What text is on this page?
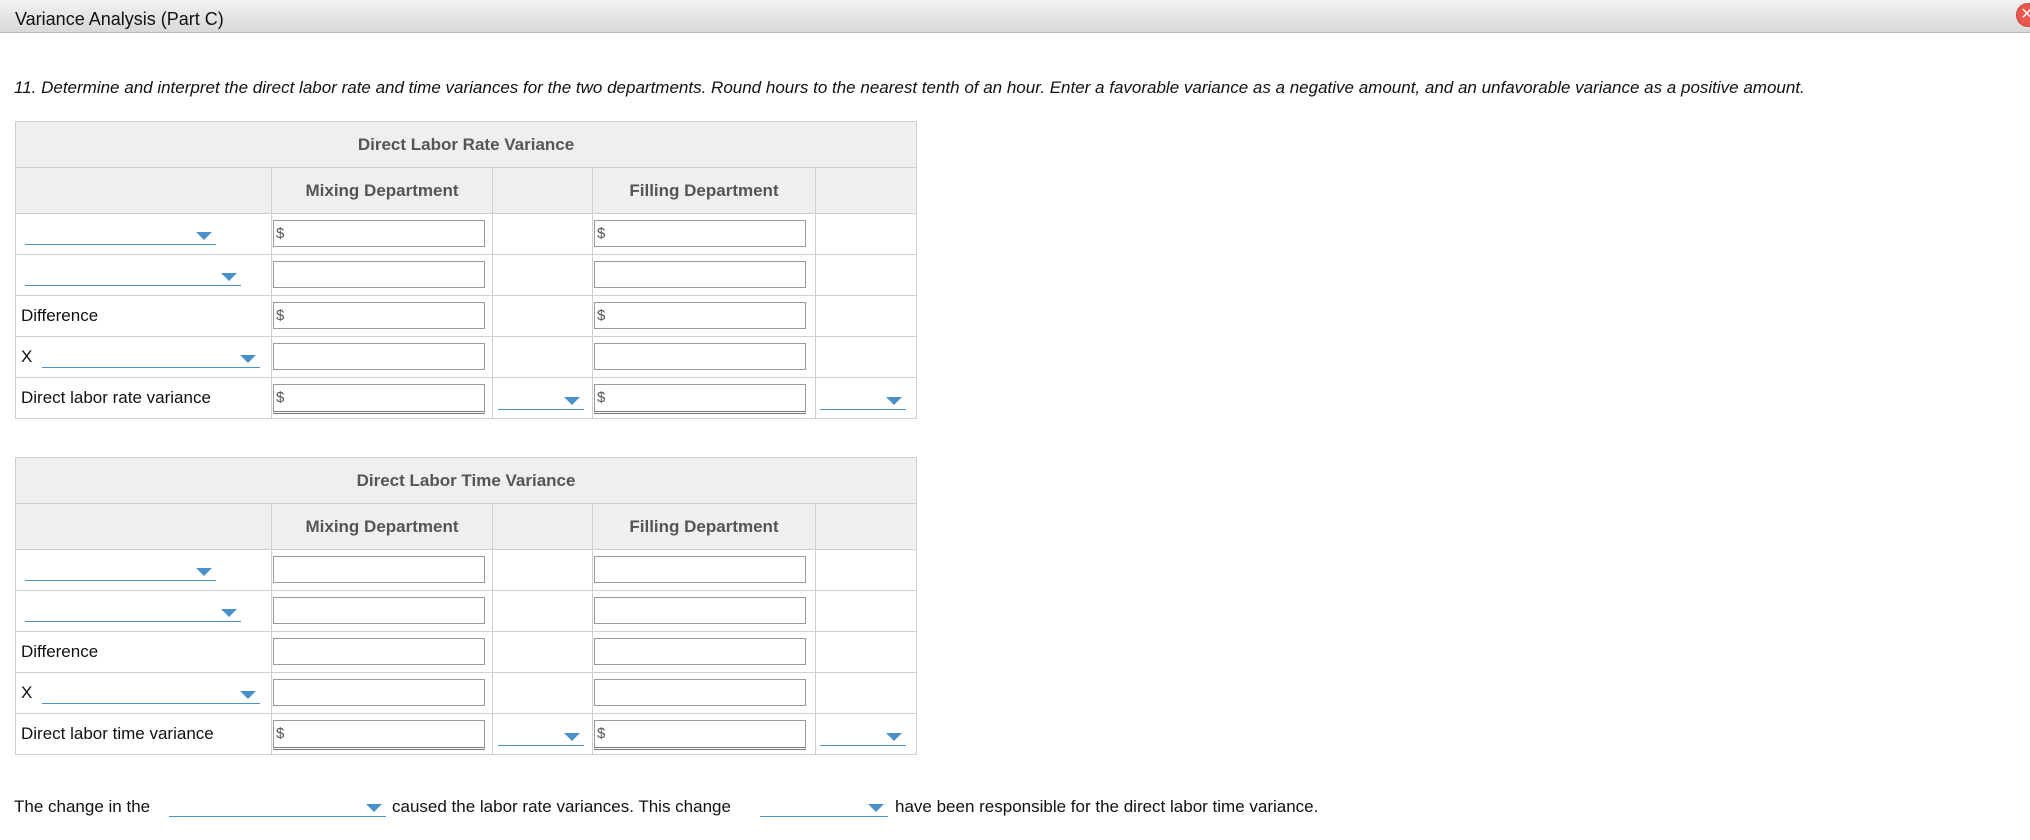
Variance Analysis (Part C)
×
11. Determine and interpret the direct labor rate and time variances for the two departments. Round hours to the nearest tenth of an hour. Enter a favorable variance as a negative amount, and an unfavorable variance as a positive amount.
Direct Labor Rate Variance				
	Mixing Department		Filling Department	

	$		$	

Difference	$		$	

X				

Direct labor rate variance	$		$	

Direct Labor Time Variance				
	Mixing Department		Filling Department	

Difference	

X				

Direct labor time variance	$		$	

The change in the	caused the labor rate variances. This change	have been responsible for the direct labor time variance.
